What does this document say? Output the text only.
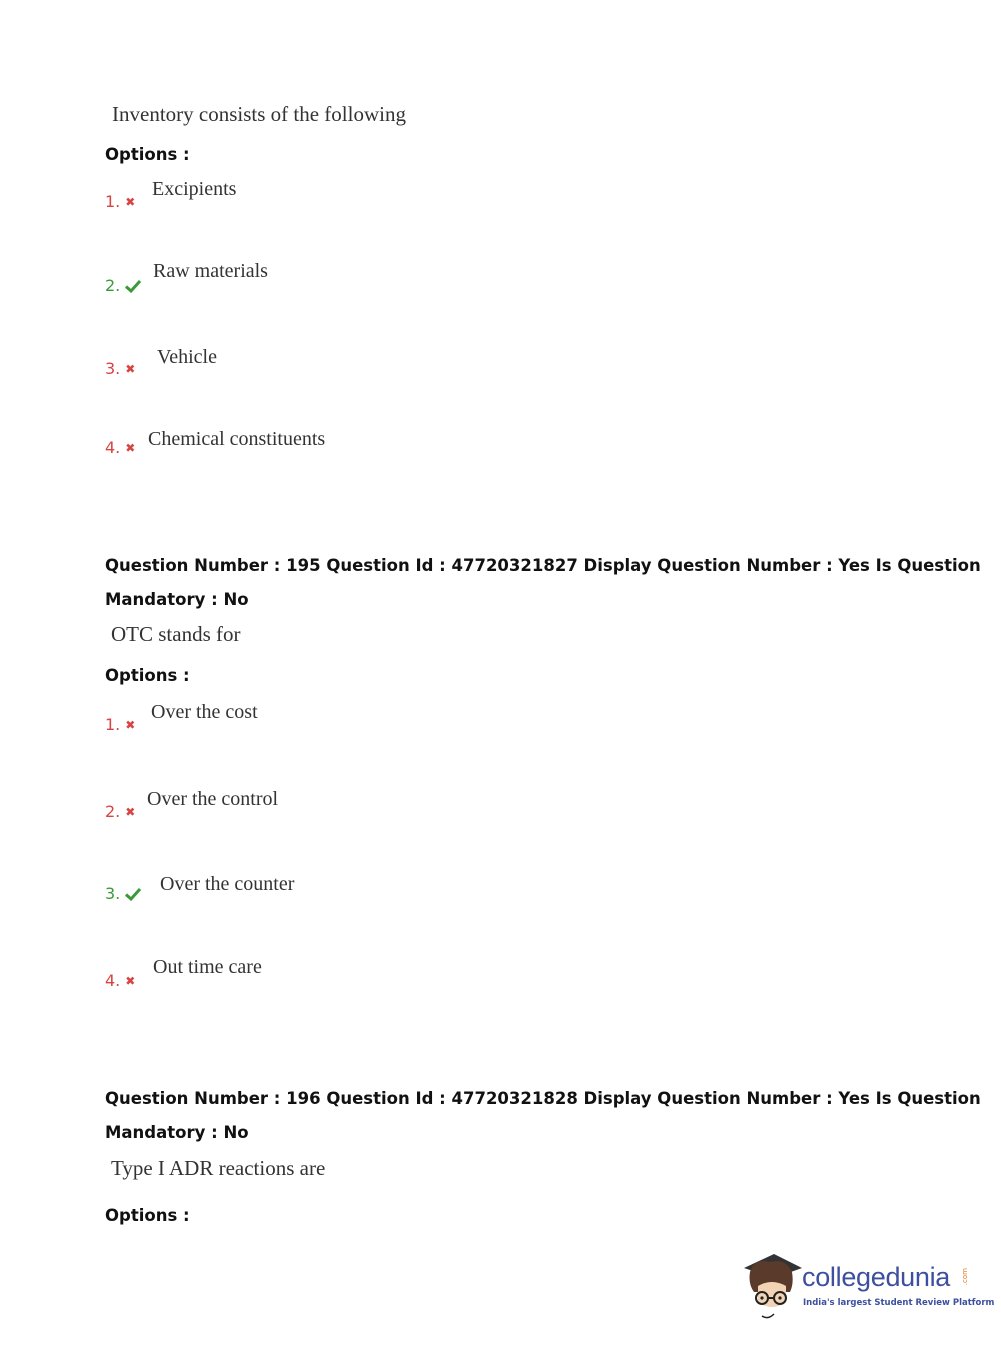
Inventory consists of the following
Options :
1. ✖
Excipients
2.
Raw materials
3. ✖
Vehicle
4. ✖ Chemical constituents
Question Number : 195 Question Id : 47720321827 Display Question Number : Yes Is Question
Mandatory : No
OTC stands for
Options :
1. ✖
Over the cost
2. ✖
Over the control
3. Over the counter
4. ✖
Out time care
Question Number : 196 Question Id : 47720321828 Display Question Number : Yes Is Question
Mandatory : No
Type I ADR reactions are
Options :
collegedunia .com
India's largest Student Review Platform
